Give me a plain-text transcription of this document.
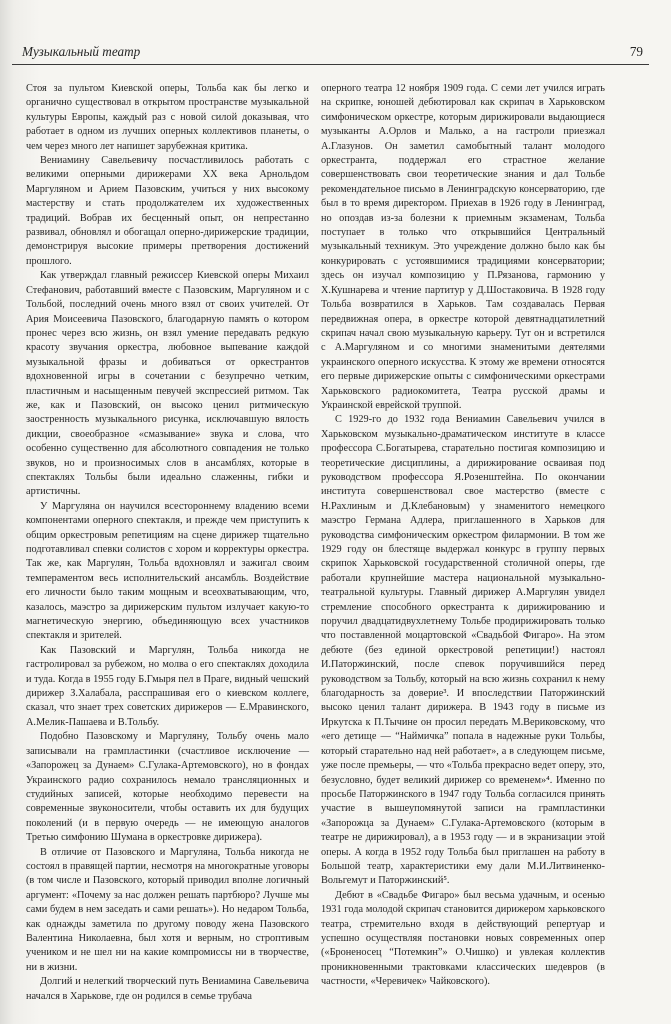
Музыкальный театр	79

Стоя за пультом Киевской оперы, Тольба как бы легко и органично существовал в открытом пространстве музыкальной культуры Европы, каждый раз с новой силой доказывая, что работает в одном из лучших оперных коллективов планеты, о чем через много лет напишет зарубежная критика.

Вениамину Савельевичу посчастливилось работать с великими оперными дирижерами XX века Арнольдом Маргуляном и Арием Пазовским, учиться у них высокому мастерству и стать продолжателем их художественных традиций. Вобрав их бесценный опыт, он непрестанно развивал, обновлял и обогащал оперно-дирижерские традиции, демонстрируя высокие примеры претворения достижений прошлого.

Как утверждал главный режиссер Киевской оперы Михаил Стефанович, работавший вместе с Пазовским, Маргуляном и с Тольбой, последний очень много взял от своих учителей. От Ария Моисеевича Пазовского, благодарную память о котором пронес через всю жизнь, он взял умение передавать редкую красоту звучания оркестра, любовное выпевание каждой музыкальной фразы и добиваться от оркестрантов вдохновенной игры в сочетании с безупречно четким, пластичным и насыщенным певучей экспрессией ритмом. Так же, как и Пазовский, он высоко ценил ритмическую заостренность музыкального рисунка, исключавшую вялость дикции, своеобразное «смазывание» звука и слова, что особенно существенно для абсолютного совпадения не только звуков, но и произносимых слов в ансамблях, которые в спектаклях Тольбы были идеально слаженны, гибки и артистичны.

У Маргуляна он научился всестороннему владению всеми компонентами оперного спектакля, и прежде чем приступить к общим оркестровым репетициям на сцене дирижер тщательно подготавливал спевки солистов с хором и корректуры оркестра. Так же, как Маргулян, Тольба вдохновлял и зажигал своим темпераментом весь исполнительский ансамбль. Воздействие его личности было таким мощным и всеохватывающим, что, казалось, маэстро за дирижерским пультом излучает какую-то магнетическую энергию, объединяющую всех участников спектакля и зрителей.

Как Пазовский и Маргулян, Тольба никогда не гастролировал за рубежом, но молва о его спектаклях доходила и туда. Когда в 1955 году Б.Гмыря пел в Праге, видный чешский дирижер З.Халабала, расспрашивая его о киевском коллеге, сказал, что знает трех советских дирижеров — Е.Мравинского, А.Мелик-Пашаева и В.Тольбу.

Подобно Пазовскому и Маргуляну, Тольбу очень мало записывали на грампластинки (счастливое исключение — «Запорожец за Дунаем» С.Гулака-Артемовского), но в фондах Украинского радио сохранилось немало трансляционных и студийных записей, которые необходимо перевести на современные звуконосители, чтобы оставить их для будущих поколений (и в первую очередь — не имеющую аналогов Третью симфонию Шумана в оркестровке дирижера).

В отличие от Пазовского и Маргуляна, Тольба никогда не состоял в правящей партии, несмотря на многократные уговоры (в том числе и Пазовского, который приводил вполне логичный аргумент: «Почему за нас должен решать партбюро? Лучше мы сами будем в нем заседать и сами решать»). Но недаром Тольба, как однажды заметила по другому поводу жена Пазовского Валентина Николаевна, был хотя и верным, но строптивым учеником и не шел ни на какие компромиссы ни в творчестве, ни в жизни.

Долгий и нелегкий творческий путь Вениамина Савельевича начался в Харькове, где он родился в семье трубача

оперного театра 12 ноября 1909 года. С семи лет учился играть на скрипке, юношей дебютировал как скрипач в Харьковском симфоническом оркестре, которым дирижировали выдающиеся музыканты А.Орлов и Малько, а на гастроли приезжал А.Глазунов. Он заметил самобытный талант молодого оркестранта, поддержал его страстное желание совершенствовать свои теоретические знания и дал Тольбе рекомендательное письмо в Ленинградскую консерваторию, где был в то время директором. Приехав в 1926 году в Ленинград, но опоздав из-за болезни к приемным экзаменам, Тольба поступает в только что открывшийся Центральный музыкальный техникум. Это учреждение должно было как бы конкурировать с устоявшимися традициями консерватории; здесь он изучал композицию у П.Рязанова, гармонию у Х.Кушнарева и чтение партитур у Д.Шостаковича. В 1928 году Тольба возвратился в Харьков. Там создавалась Первая передвижная опера, в оркестре которой девятнадцатилетний скрипач начал свою музыкальную карьеру. Тут он и встретился с А.Маргуляном и со многими знаменитыми деятелями украинского оперного искусства. К этому же времени относятся его первые дирижерские опыты с симфоническими оркестрами Харьковского радиокомитета, Театра русской драмы и Украинской еврейской труппой.

С 1929-го до 1932 года Вениамин Савельевич учился в Харьковском музыкально-драматическом институте в классе профессора С.Богатырева, старательно постигая композицию и теоретические дисциплины, а дирижирование осваивая под руководством профессора Я.Розенштейна. По окончании института совершенствовал свое мастерство (вместе с Н.Рахлиным и Д.Клебановым) у знаменитого немецкого маэстро Германа Адлера, приглашенного в Харьков для руководства симфоническим оркестром филармонии. В том же 1929 году он блестяще выдержал конкурс в группу первых скрипок Харьковской государственной столичной оперы, где работали крупнейшие мастера национальной музыкально-театральной культуры. Главный дирижер А.Маргулян увидел стремление способного оркестранта к дирижированию и поручил двадцатидвухлетнему Тольбе продирижировать только что поставленной моцартовской «Свадьбой Фигаро». На этом дебюте (без единой оркестровой репетиции!) настоял И.Паторжинский, после спевок поручившийся перед руководством за Тольбу, который на всю жизнь сохранил к нему благодарность за доверие³. И впоследствии Паторжинский высоко ценил талант дирижера. В 1943 году в письме из Иркутска к П.Тычине он просил передать М.Вериковскому, что «его детище — “Наймичка” попала в надежные руки Тольбы, который старательно над ней работает», а в следующем письме, уже после премьеры, — что «Тольба прекрасно ведет оперу, это, безусловно, будет великий дирижер со временем»⁴. Именно по просьбе Паторжинского в 1947 году Тольба согласился принять участие в вышеупомянутой записи на грампластинки «Запорожца за Дунаем» С.Гулака-Артемовского (которым в театре не дирижировал), а в 1953 году — и в экранизации этой оперы. А когда в 1952 году Тольба был приглашен на работу в Большой театр, характеристики ему дали М.И.Литвиненко-Вольгемут и Паторжинский⁵.

Дебют в «Свадьбе Фигаро» был весьма удачным, и осенью 1931 года молодой скрипач становится дирижером харьковского театра, стремительно входя в действующий репертуар и успешно осуществляя постановки новых современных опер («Броненосец “Потемкин”» О.Чишко) и увлекая коллектив проникновенными трактовками классических шедевров (в частности, «Черевичек» Чайковского).
